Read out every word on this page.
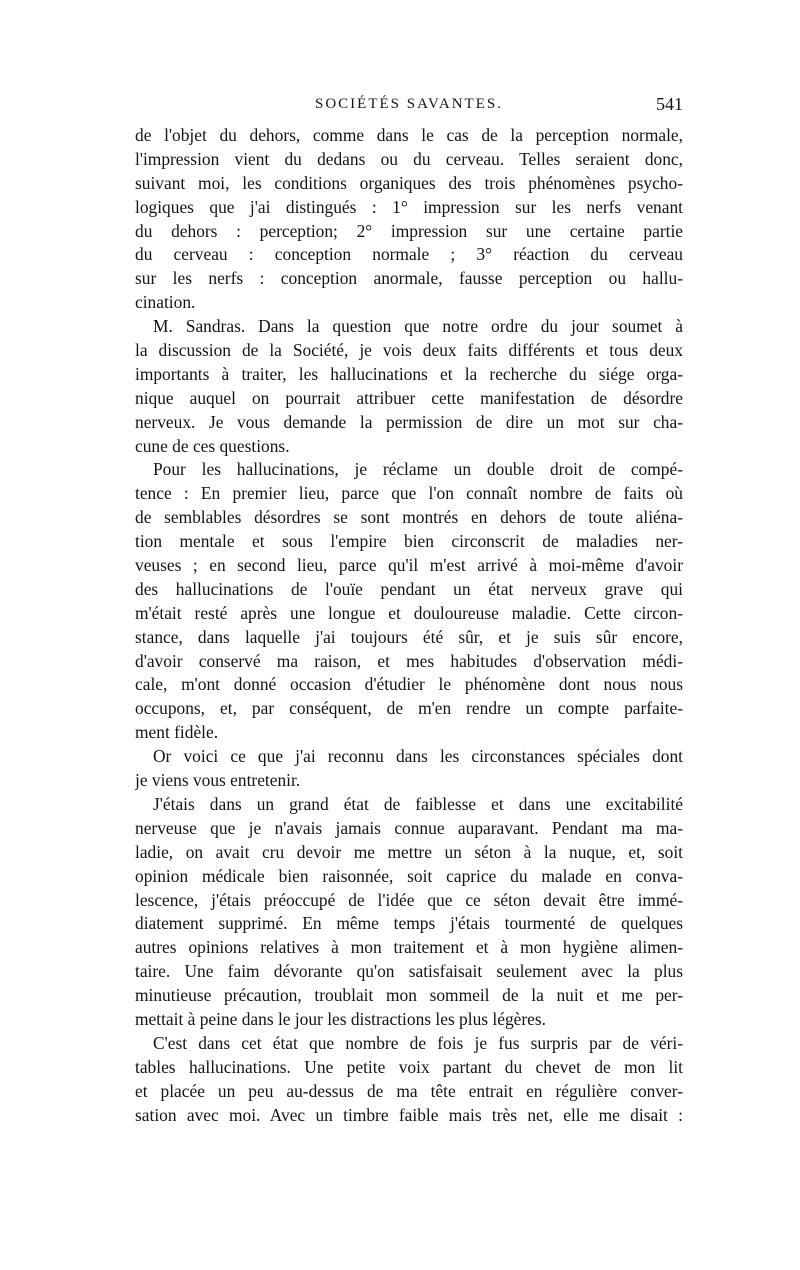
SOCIÉTÉS SAVANTES.	541
de l'objet du dehors, comme dans le cas de la perception normale,
l'impression vient du dedans ou du cerveau. Telles seraient donc,
suivant moi, les conditions organiques des trois phénomènes psycho-
logiques que j'ai distingués : 1° impression sur les nerfs venant
du dehors : perception; 2° impression sur une certaine partie
du cerveau : conception normale ; 3° réaction du cerveau
sur les nerfs : conception anormale, fausse perception ou hallu-
cination.
M. Sandras. Dans la question que notre ordre du jour soumet à
la discussion de la Société, je vois deux faits différents et tous deux
importants à traiter, les hallucinations et la recherche du siége orga-
nique auquel on pourrait attribuer cette manifestation de désordre
nerveux. Je vous demande la permission de dire un mot sur cha-
cune de ces questions.
Pour les hallucinations, je réclame un double droit de compé-
tence : En premier lieu, parce que l'on connaît nombre de faits où
de semblables désordres se sont montrés en dehors de toute aliéna-
tion mentale et sous l'empire bien circonscrit de maladies ner-
veuses ; en second lieu, parce qu'il m'est arrivé à moi-même d'avoir
des hallucinations de l'ouïe pendant un état nerveux grave qui
m'était resté après une longue et douloureuse maladie. Cette circon-
stance, dans laquelle j'ai toujours été sûr, et je suis sûr encore,
d'avoir conservé ma raison, et mes habitudes d'observation médi-
cale, m'ont donné occasion d'étudier le phénomène dont nous nous
occupons, et, par conséquent, de m'en rendre un compte parfaite-
ment fidèle.
Or voici ce que j'ai reconnu dans les circonstances spéciales dont
je viens vous entretenir.
J'étais dans un grand état de faiblesse et dans une excitabilité
nerveuse que je n'avais jamais connue auparavant. Pendant ma ma-
ladie, on avait cru devoir me mettre un séton à la nuque, et, soit
opinion médicale bien raisonnée, soit caprice du malade en conva-
lescence, j'étais préoccupé de l'idée que ce séton devait être immé-
diatement supprimé. En même temps j'étais tourmenté de quelques
autres opinions relatives à mon traitement et à mon hygiène alimen-
taire. Une faim dévorante qu'on satisfaisait seulement avec la plus
minutieuse précaution, troublait mon sommeil de la nuit et me per-
mettait à peine dans le jour les distractions les plus légères.
C'est dans cet état que nombre de fois je fus surpris par de véri-
tables hallucinations. Une petite voix partant du chevet de mon lit
et placée un peu au-dessus de ma tête entrait en régulière conver-
sation avec moi. Avec un timbre faible mais très net, elle me disait :
